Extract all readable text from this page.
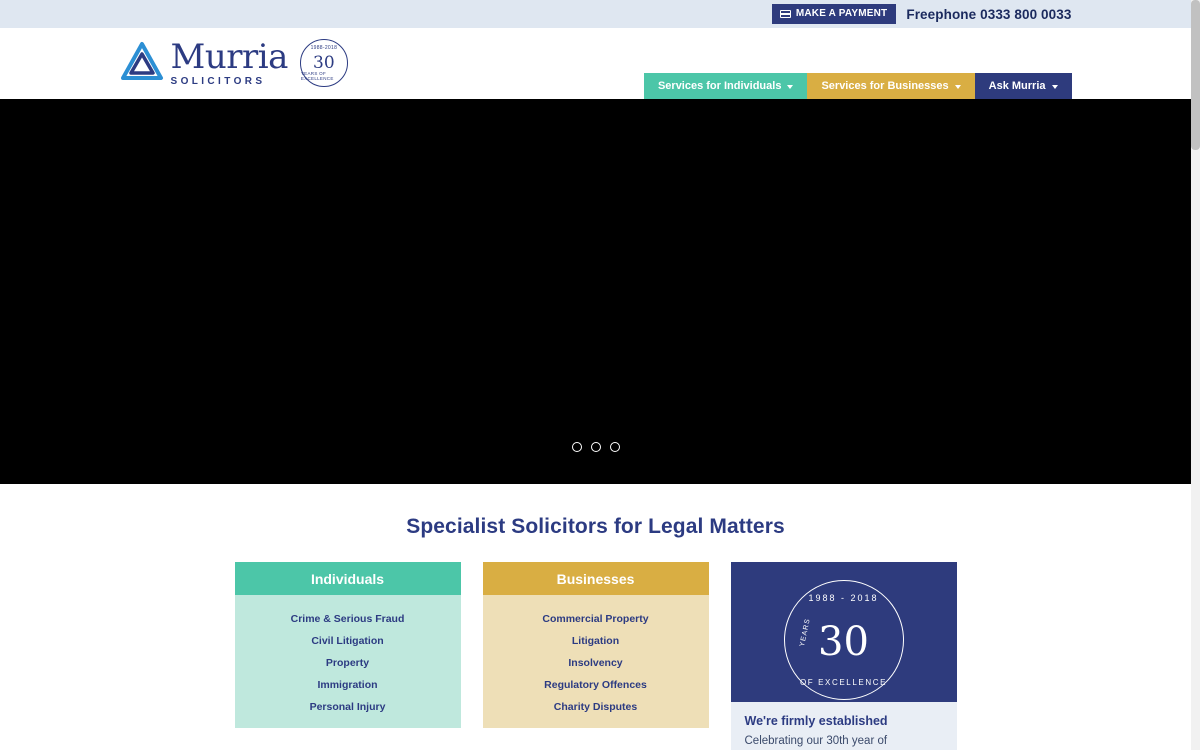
MAKE A PAYMENT Freephone 0333 800 0033
Murria
SOLICITORS
1988-2018
30
YEARS OF EXCELLENCE
Services for Individuals	Services for Businesses	Ask Murria
Specialist Solicitors for Legal Matters
Individuals
Crime & Serious Fraud
Civil Litigation
Property
Immigration
Personal Injury
Businesses
Commercial Property
Litigation
Insolvency
Regulatory Offences
Charity Disputes
1988 - 2018
30
YEARS
OF EXCELLENCE
We're firmly established
Celebrating our 30th year of
